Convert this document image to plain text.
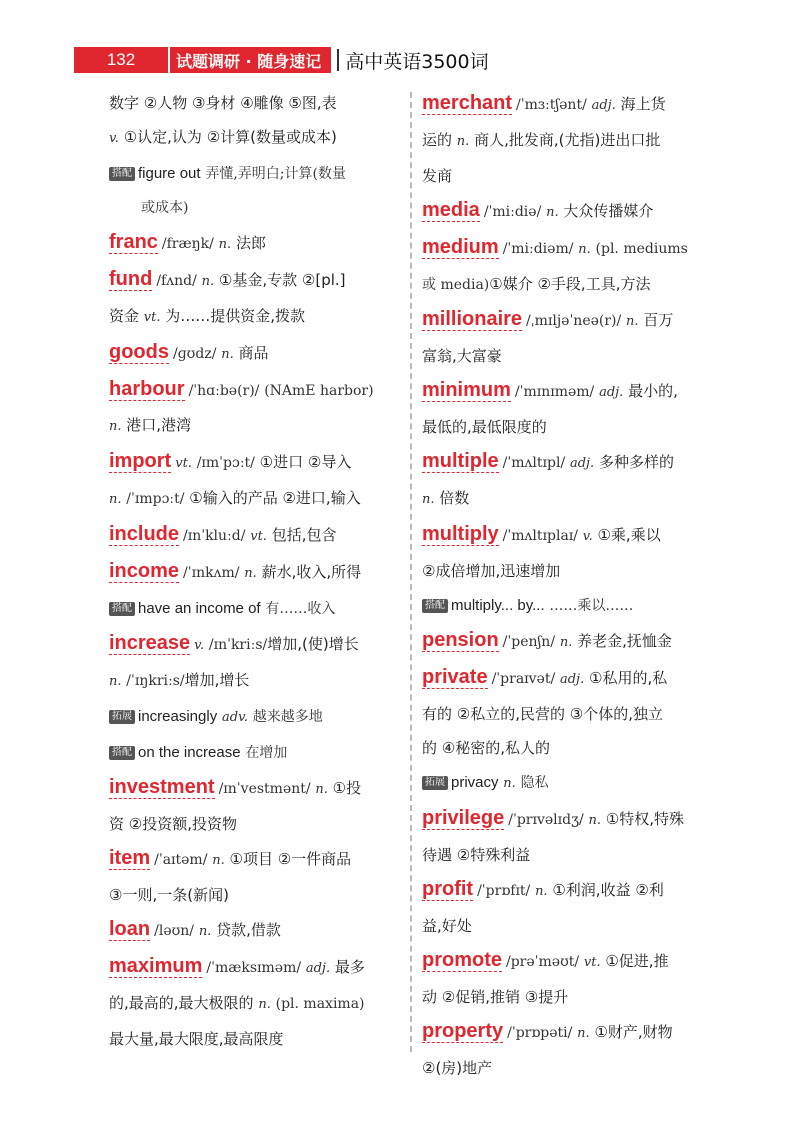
132	试题调研 · 随身速记	高中英语3500词
数字 ②人物 ③身材 ④雕像 ⑤图,表
v. ①认定,认为 ②计算(数量或成本)
搭配 figure out 弄懂,弄明白;计算(数量
或成本)
franc /fræŋk/ n. 法郎
fund /fʌnd/ n. ①基金,专款 ②[pl.]
资金 vt. 为……提供资金,拨款
goods /ɡʊdz/ n. 商品
harbour /ˈhɑːbə(r)/ (NAmE harbor)
n. 港口,港湾
import vt. /ɪmˈpɔːt/ ①进口 ②导入
n. /ˈɪmpɔːt/ ①输入的产品 ②进口,输入
include /ɪnˈkluːd/ vt. 包括,包含
income /ˈɪnkʌm/ n. 薪水,收入,所得
搭配 have an income of 有……收入
increase v. /ɪnˈkriːs/增加,(使)增长
n. /ˈɪŋkriːs/增加,增长
拓展 increasingly adv. 越来越多地
搭配 on the increase 在增加
investment /ɪnˈvestmənt/ n. ①投
资 ②投资额,投资物
item /ˈaɪtəm/ n. ①项目 ②一件商品
③一则,一条(新闻)
loan /ləʊn/ n. 贷款,借款
maximum /ˈmæksɪməm/ adj. 最多
的,最高的,最大极限的 n. (pl. maxima)
最大量,最大限度,最高限度
merchant /ˈmɜːtʃənt/ adj. 海上货
运的 n. 商人,批发商,(尤指)进出口批
发商
media /ˈmiːdiə/ n. 大众传播媒介
medium /ˈmiːdiəm/ n. (pl. mediums
或 media)①媒介 ②手段,工具,方法
millionaire /ˌmɪljəˈneə(r)/ n. 百万
富翁,大富豪
minimum /ˈmɪnɪməm/ adj. 最小的,
最低的,最低限度的
multiple /ˈmʌltɪpl/ adj. 多种多样的
n. 倍数
multiply /ˈmʌltɪplaɪ/ v. ①乘,乘以
②成倍增加,迅速增加
搭配 multiply... by... ……乘以……
pension /ˈpenʃn/ n. 养老金,抚恤金
private /ˈpraɪvət/ adj. ①私用的,私
有的 ②私立的,民营的 ③个体的,独立
的 ④秘密的,私人的
拓展 privacy n. 隐私
privilege /ˈprɪvəlɪdʒ/ n. ①特权,特殊
待遇 ②特殊利益
profit /ˈprɒfɪt/ n. ①利润,收益 ②利
益,好处
promote /prəˈməʊt/ vt. ①促进,推
动 ②促销,推销 ③提升
property /ˈprɒpəti/ n. ①财产,财物
②(房)地产
